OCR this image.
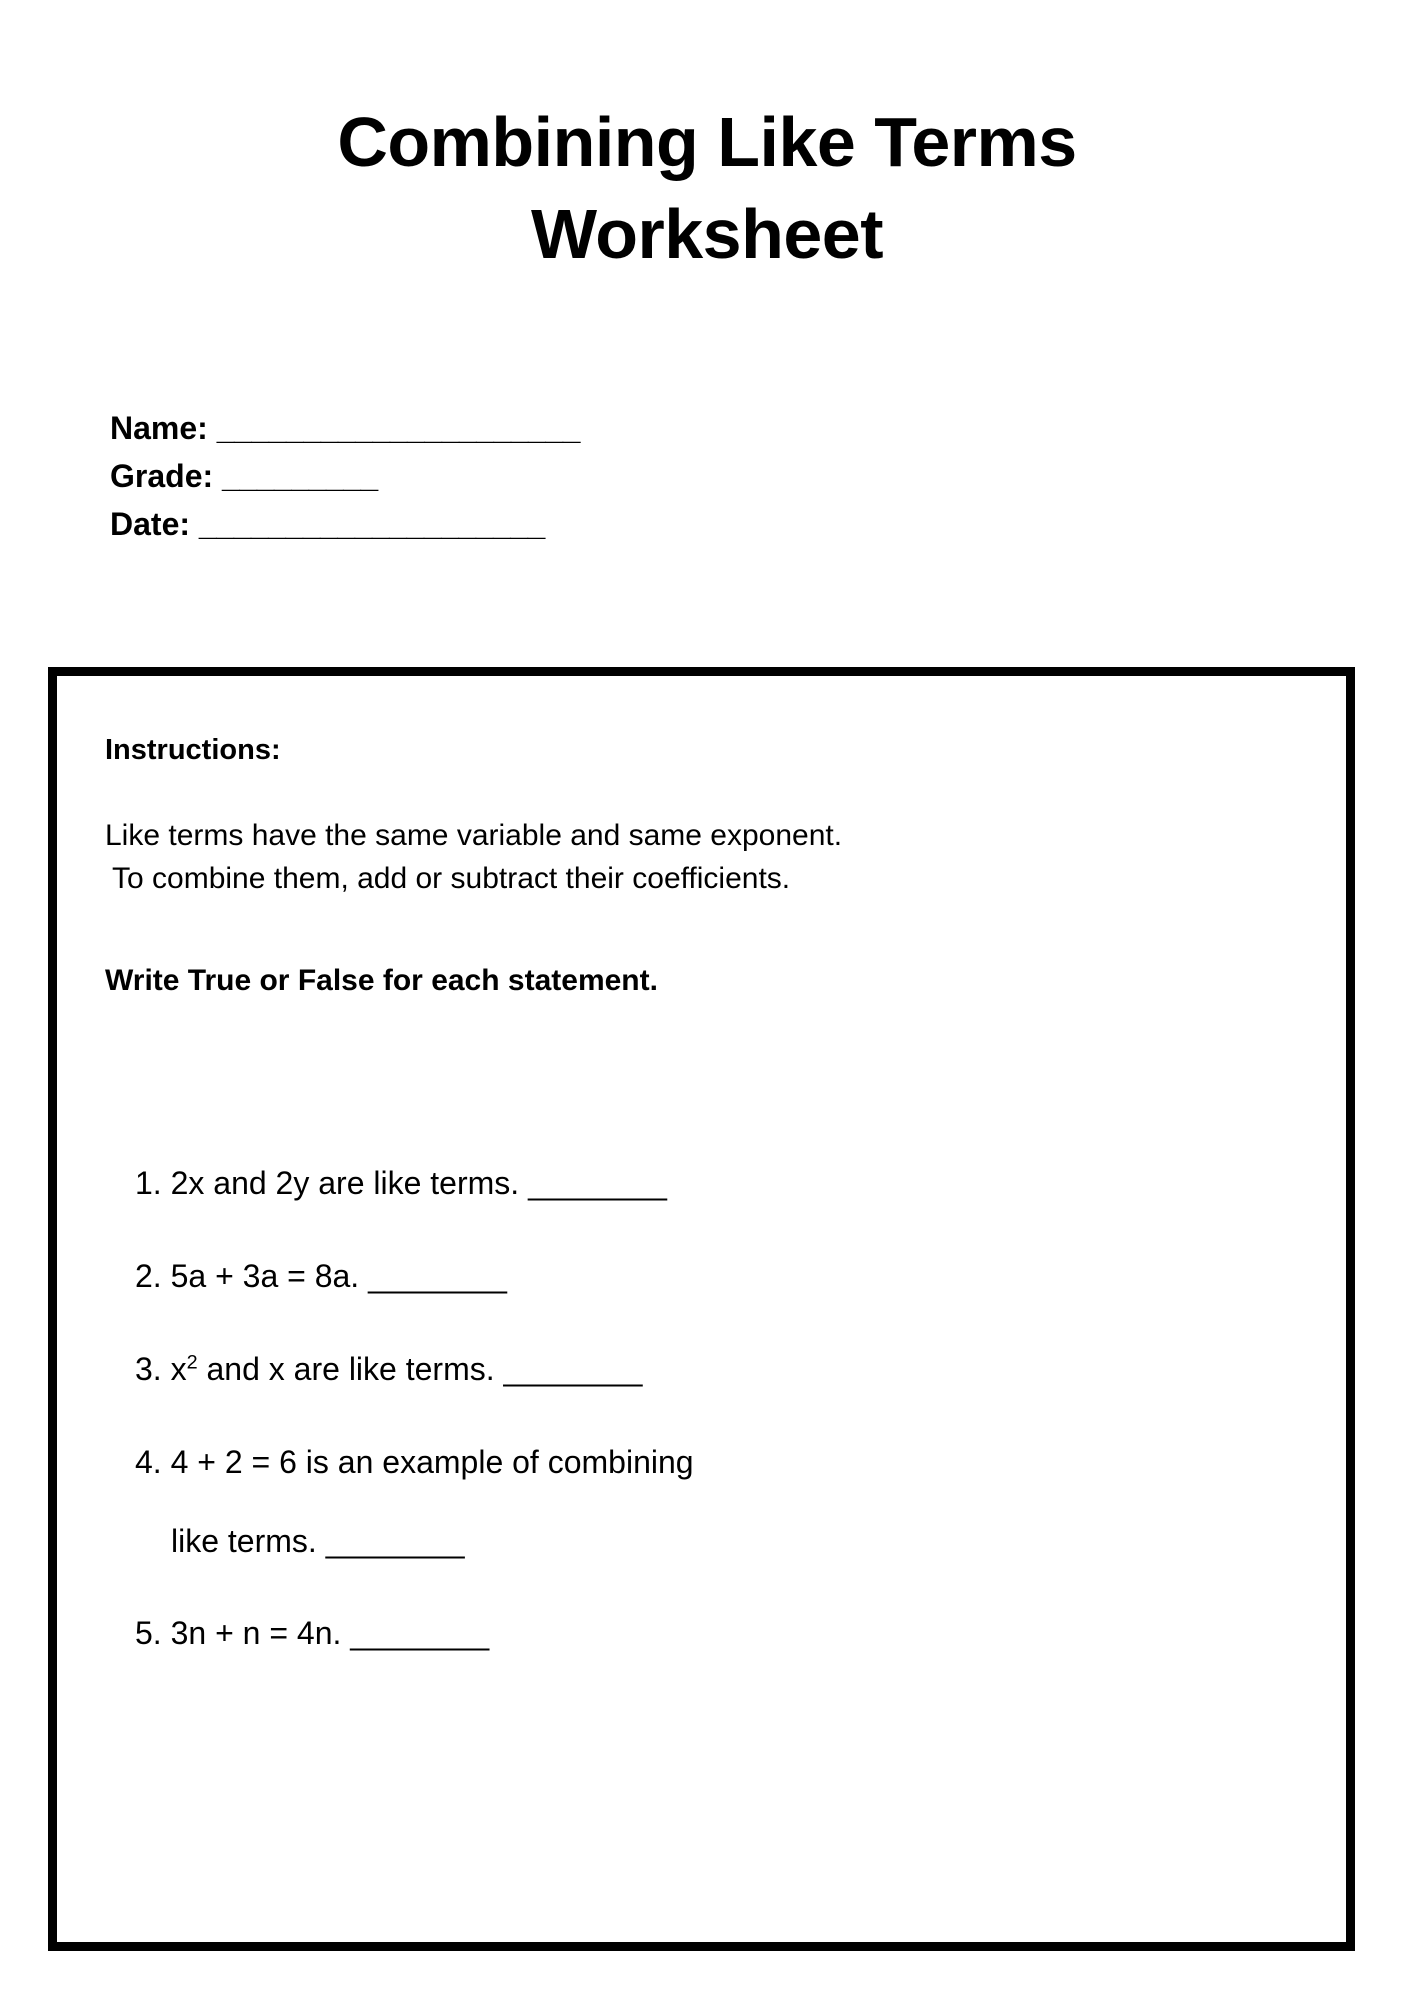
Combining Like Terms
Worksheet
Name: _____________________
Grade: _________
Date: ____________________
Instructions:
Like terms have the same variable and same exponent.
To combine them, add or subtract their coefficients.
Write True or False for each statement.
1. 2x and 2y are like terms. ________
2. 5a + 3a = 8a. ________
3. $x^2$ and x are like terms. ________
4. 4 + 2 = 6 is an example of combining
like terms. ________
5. 3n + n = 4n. ________
